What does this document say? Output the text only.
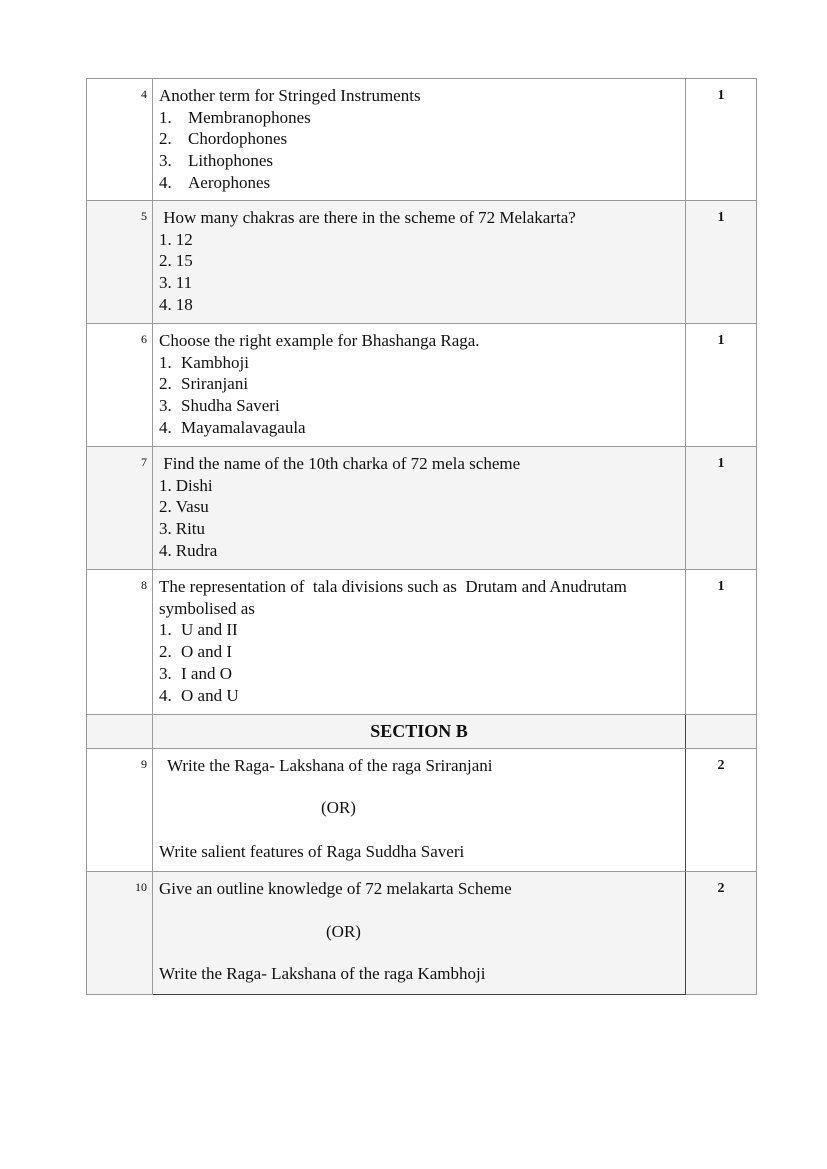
4	Another term for Stringed Instruments
1. Membranophones
2. Chordophones
3. Lithophones
4. Aerophones	1
5	How many chakras are there in the scheme of 72 Melakarta?
1. 12
2. 15
3. 11
4. 18	1
6	Choose the right example for Bhashanga Raga.
1. Kambhoji
2. Sriranjani
3. Shudha Saveri
4. Mayamalavagaula	1
7	Find the name of the 10th charka of 72 mela scheme
1. Dishi
2. Vasu
3. Ritu
4. Rudra	1
8	The representation of  tala divisions such as  Drutam and Anudrutam symbolised as
1. U and II
2. O and I
3. I and O
4. O and U	1
	SECTION B	
9	Write the Raga- Lakshana of the raga Sriranjani
(OR)
Write salient features of Raga Suddha Saveri	2
10	Give an outline knowledge of 72 melakarta Scheme
(OR)
Write the Raga- Lakshana of the raga Kambhoji	2
